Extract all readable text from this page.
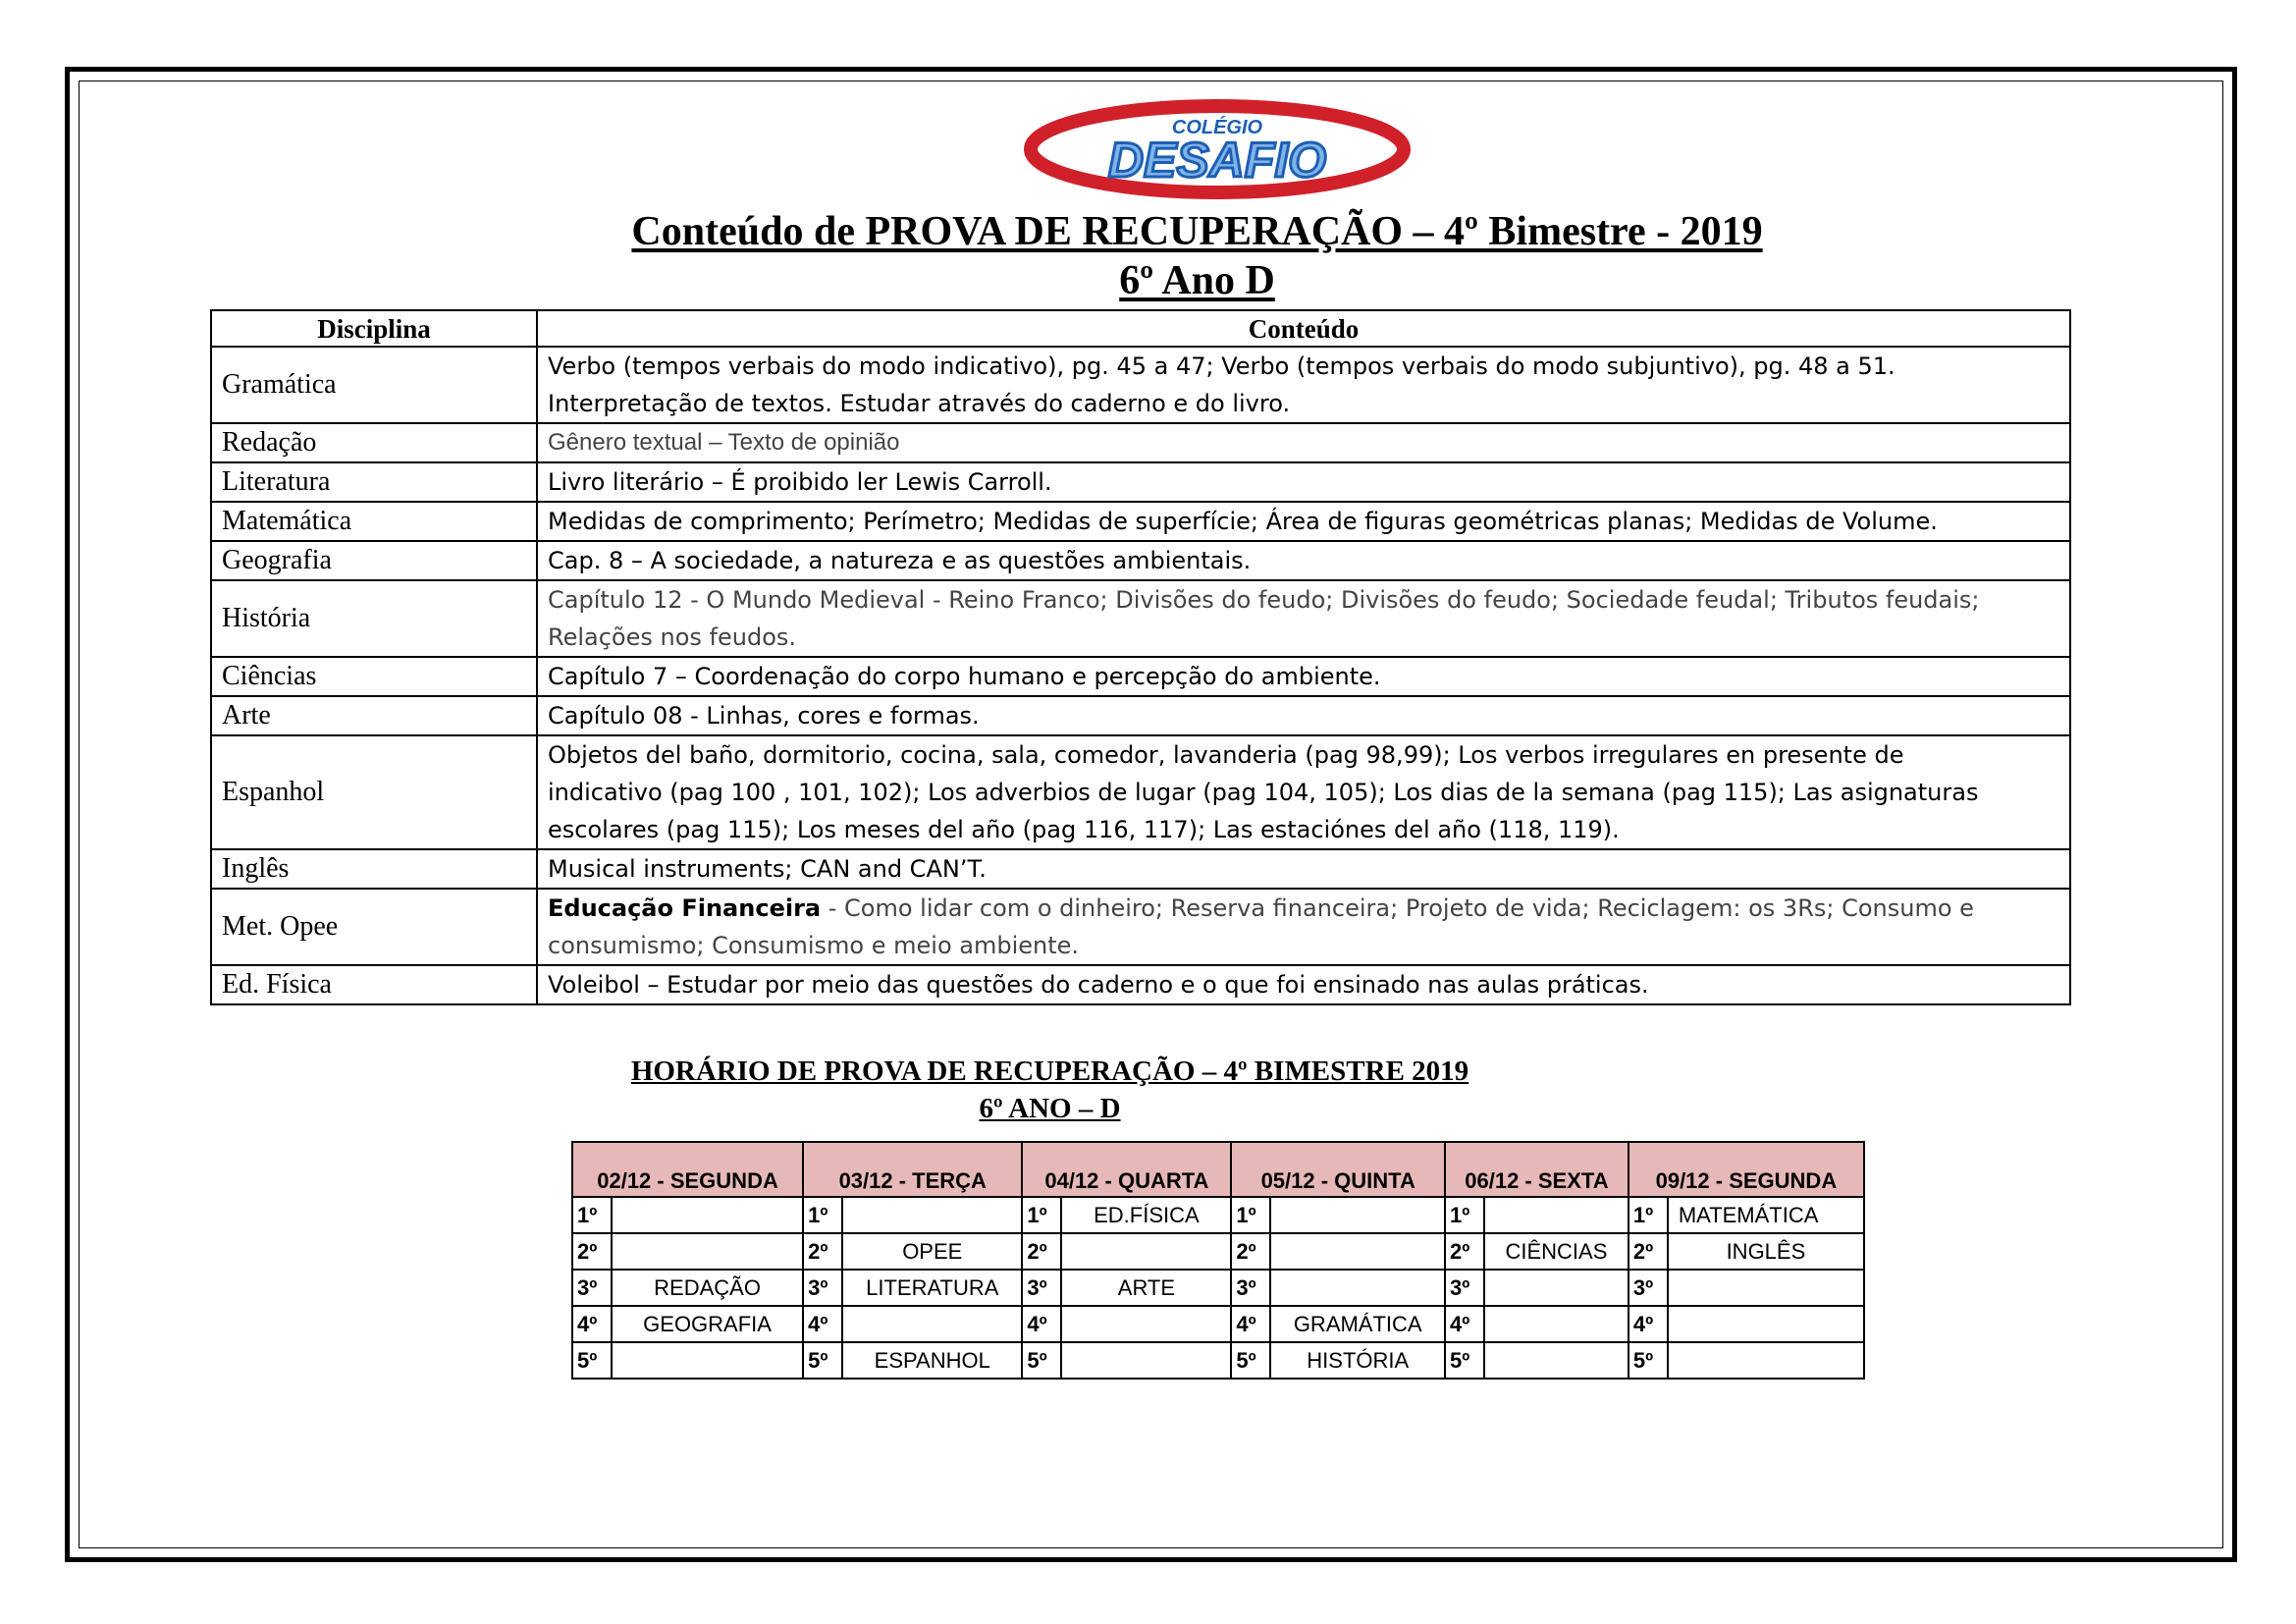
COLÉGIO
DESAFIO
Conteúdo de PROVA DE RECUPERAÇÃO – 4º Bimestre - 2019
6º Ano D
Disciplina	Conteúdo
Gramática	Verbo (tempos verbais do modo indicativo), pg. 45 a 47; Verbo (tempos verbais do modo subjuntivo), pg. 48 a 51.
Interpretação de textos. Estudar através do caderno e do livro.

Redação	Gênero textual – Texto de opinião

Literatura	Livro literário – É proibido ler Lewis Carroll.

Matemática	Medidas de comprimento; Perímetro; Medidas de superfície; Área de figuras geométricas planas; Medidas de Volume.

Geografia	Cap. 8 – A sociedade, a natureza e as questões ambientais.

História	Capítulo 12 - O Mundo Medieval - Reino Franco; Divisões do feudo; Divisões do feudo; Sociedade feudal; Tributos feudais;
Relações nos feudos.

Ciências	Capítulo 7 – Coordenação do corpo humano e percepção do ambiente.

Arte	Capítulo 08 - Linhas, cores e formas.

Espanhol	Objetos del baño, dormitorio, cocina, sala, comedor, lavanderia (pag 98,99); Los verbos irregulares en presente de
indicativo (pag 100 , 101, 102); Los adverbios de lugar (pag 104, 105); Los dias de la semana (pag 115); Las asignaturas
escolares (pag 115); Los meses del año (pag 116, 117); Las estaciónes del año (118, 119).

Inglês	Musical instruments; CAN and CAN’T.

Met. Opee	Educação Financeira - Como lidar com o dinheiro; Reserva financeira; Projeto de vida; Reciclagem: os 3Rs; Consumo e
consumismo; Consumismo e meio ambiente.

Ed. Física	Voleibol – Estudar por meio das questões do caderno e o que foi ensinado nas aulas práticas.
HORÁRIO DE PROVA DE RECUPERAÇÃO – 4º BIMESTRE 2019
6º ANO – D
02/12 - SEGUNDA		03/12 - TERÇA		04/12 - QUARTA		05/12 - QUINTA		06/12 - SEXTA		09/12 - SEGUNDA	
1º		1º		1º	ED.FÍSICA	1º		1º		1º	MATEMÁTICA
2º		2º	OPEE	2º		2º		2º	CIÊNCIAS	2º	INGLÊS
3º	REDAÇÃO	3º	LITERATURA	3º	ARTE	3º		3º		3º	
4º	GEOGRAFIA	4º		4º		4º	GRAMÁTICA	4º		4º	
5º		5º	ESPANHOL	5º		5º	HISTÓRIA	5º		5º	
